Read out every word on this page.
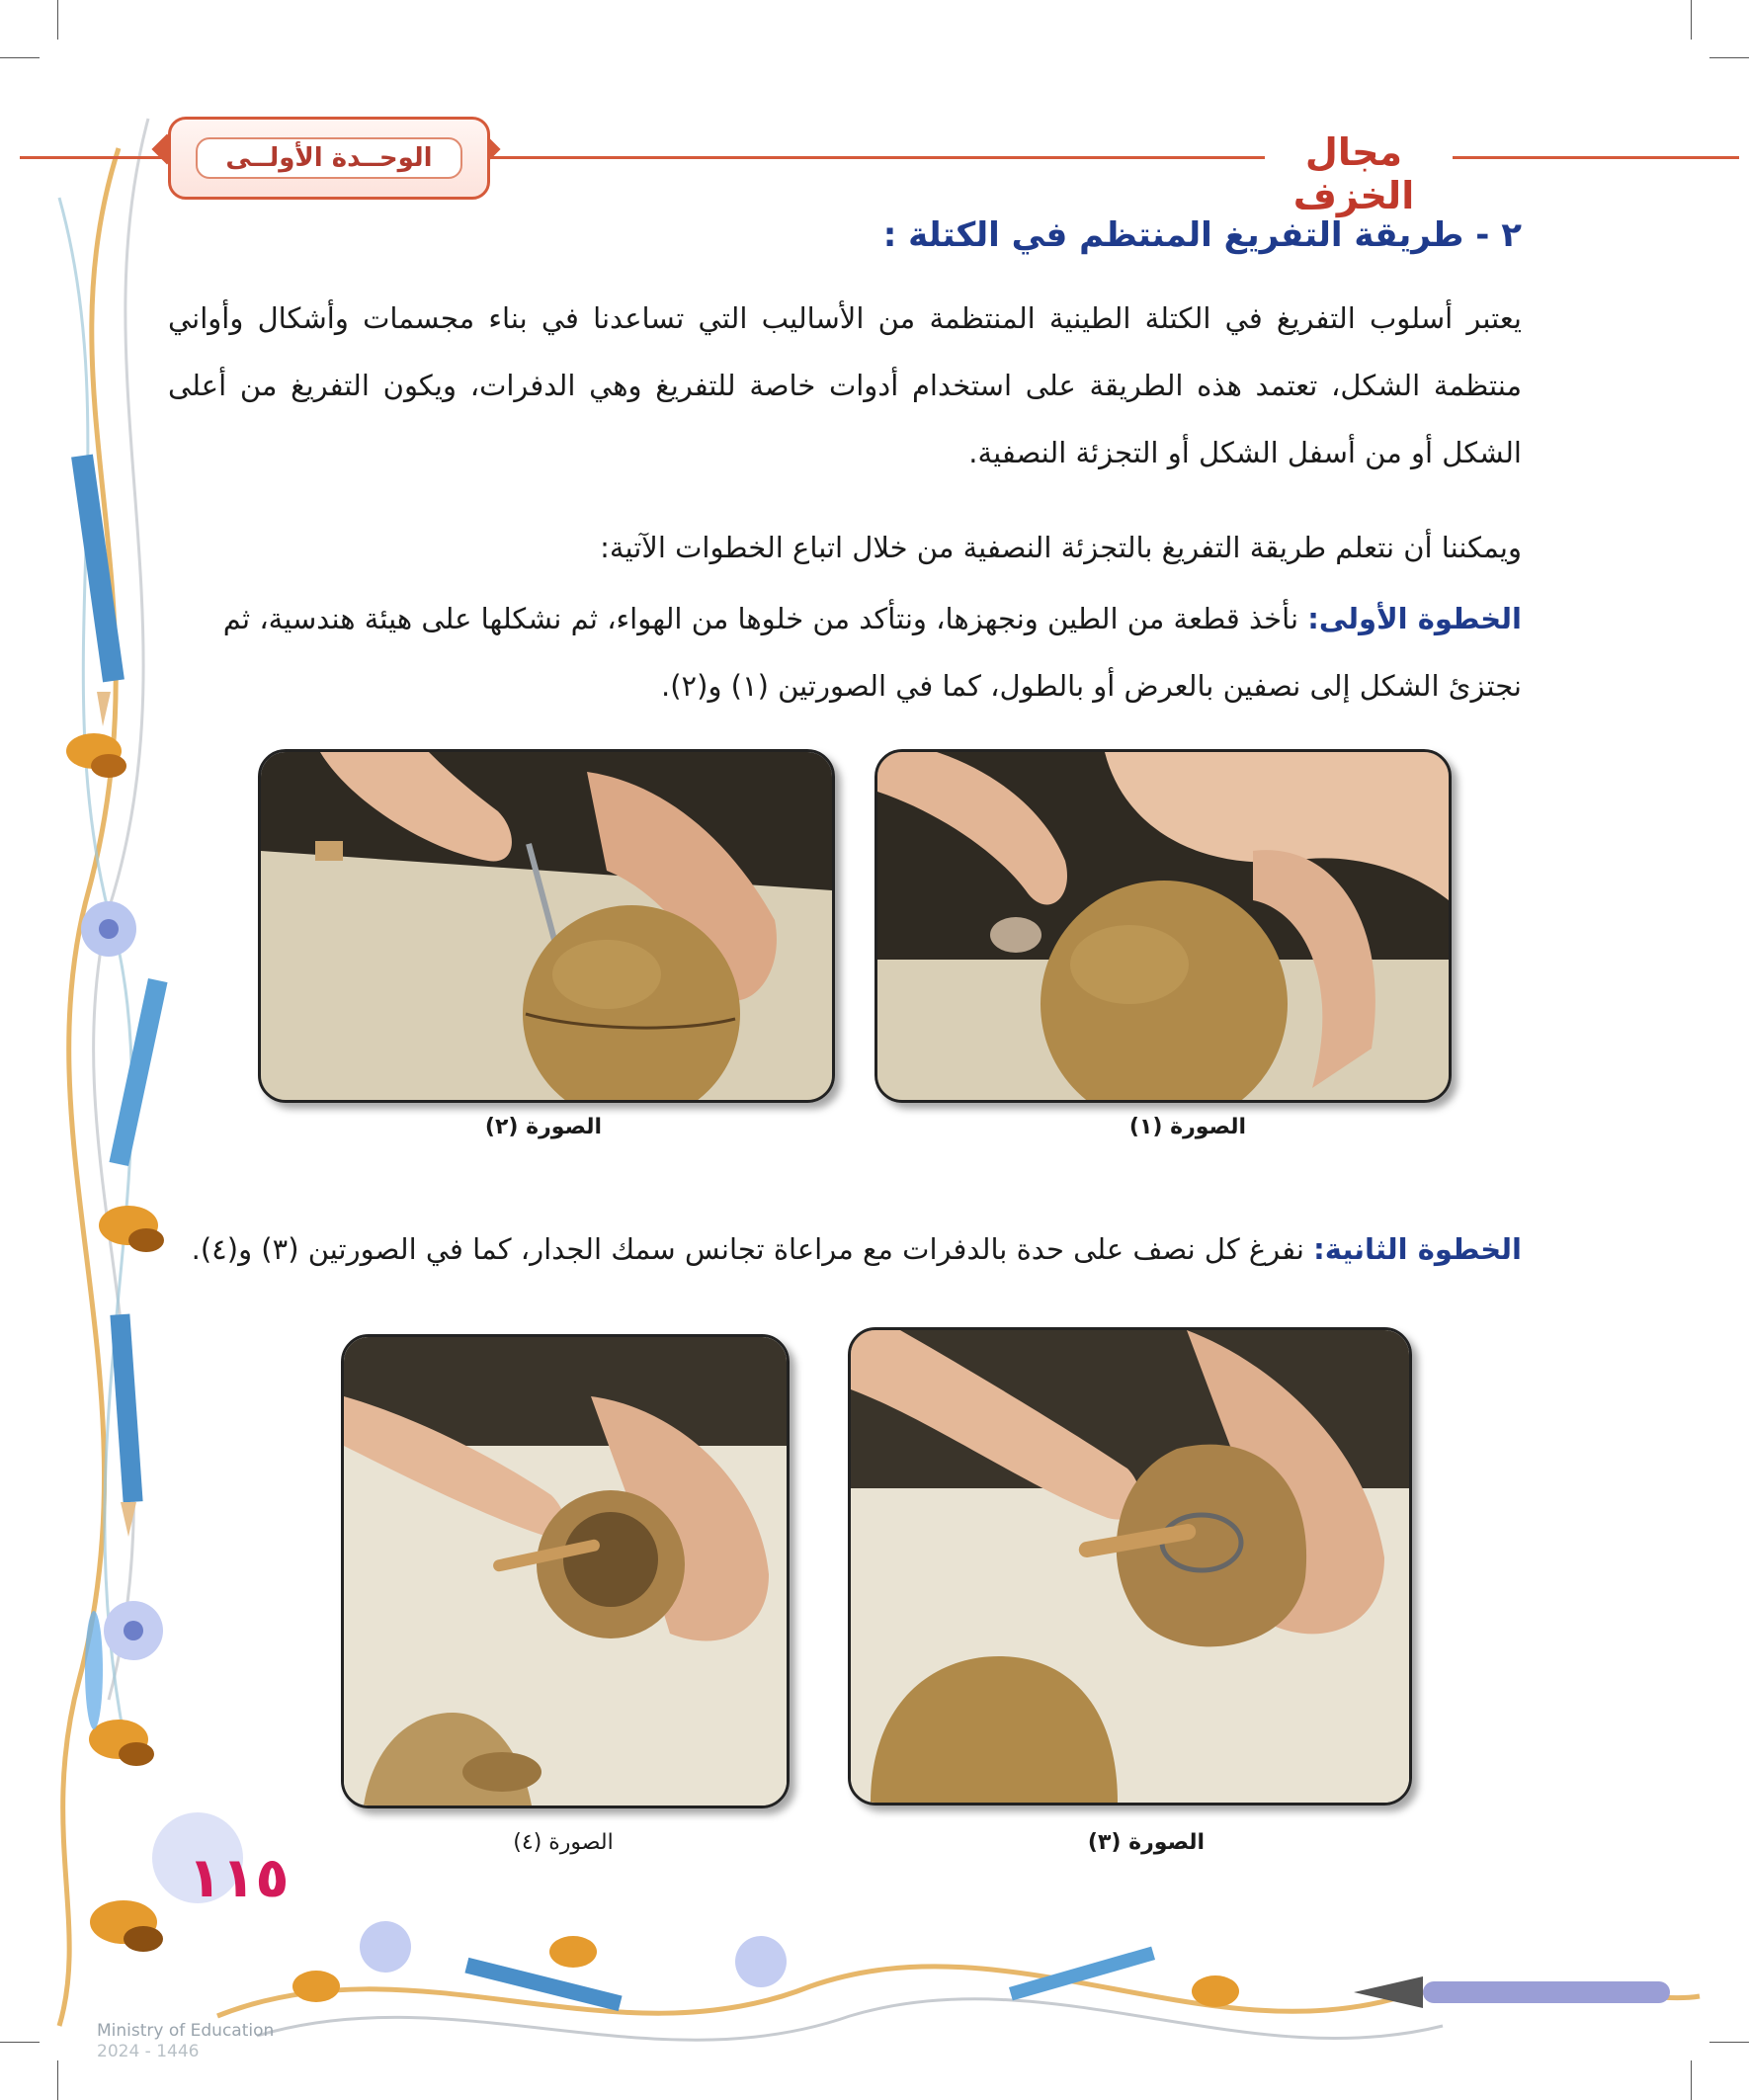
مجال الخزف
الوحــدة الأولــى
٢ - طريقة التفريغ المنتظم في الكتلة :
يعتبر أسلوب التفريغ في الكتلة الطينية المنتظمة من الأساليب التي تساعدنا في بناء مجسمات وأشكال وأواني منتظمة الشكل، تعتمد هذه الطريقة على استخدام أدوات خاصة للتفريغ وهي الدفرات، ويكون التفريغ من أعلى الشكل أو من أسفل الشكل أو التجزئة النصفية.
ويمكننا أن نتعلم طريقة التفريغ بالتجزئة النصفية من خلال اتباع الخطوات الآتية:
الخطوة الأولى: نأخذ قطعة من الطين ونجهزها، ونتأكد من خلوها من الهواء، ثم نشكلها على هيئة هندسية، ثم نجتزئ الشكل إلى نصفين بالعرض أو بالطول، كما في الصورتين (١) و(٢).
الصورة (١)
الصورة (٢)
الخطوة الثانية: نفرغ كل نصف على حدة بالدفرات مع مراعاة تجانس سمك الجدار، كما في الصورتين (٣) و(٤).
الصورة (٣)
الصورة (٤)
١١٥
Ministry of Education
2024 - 1446
